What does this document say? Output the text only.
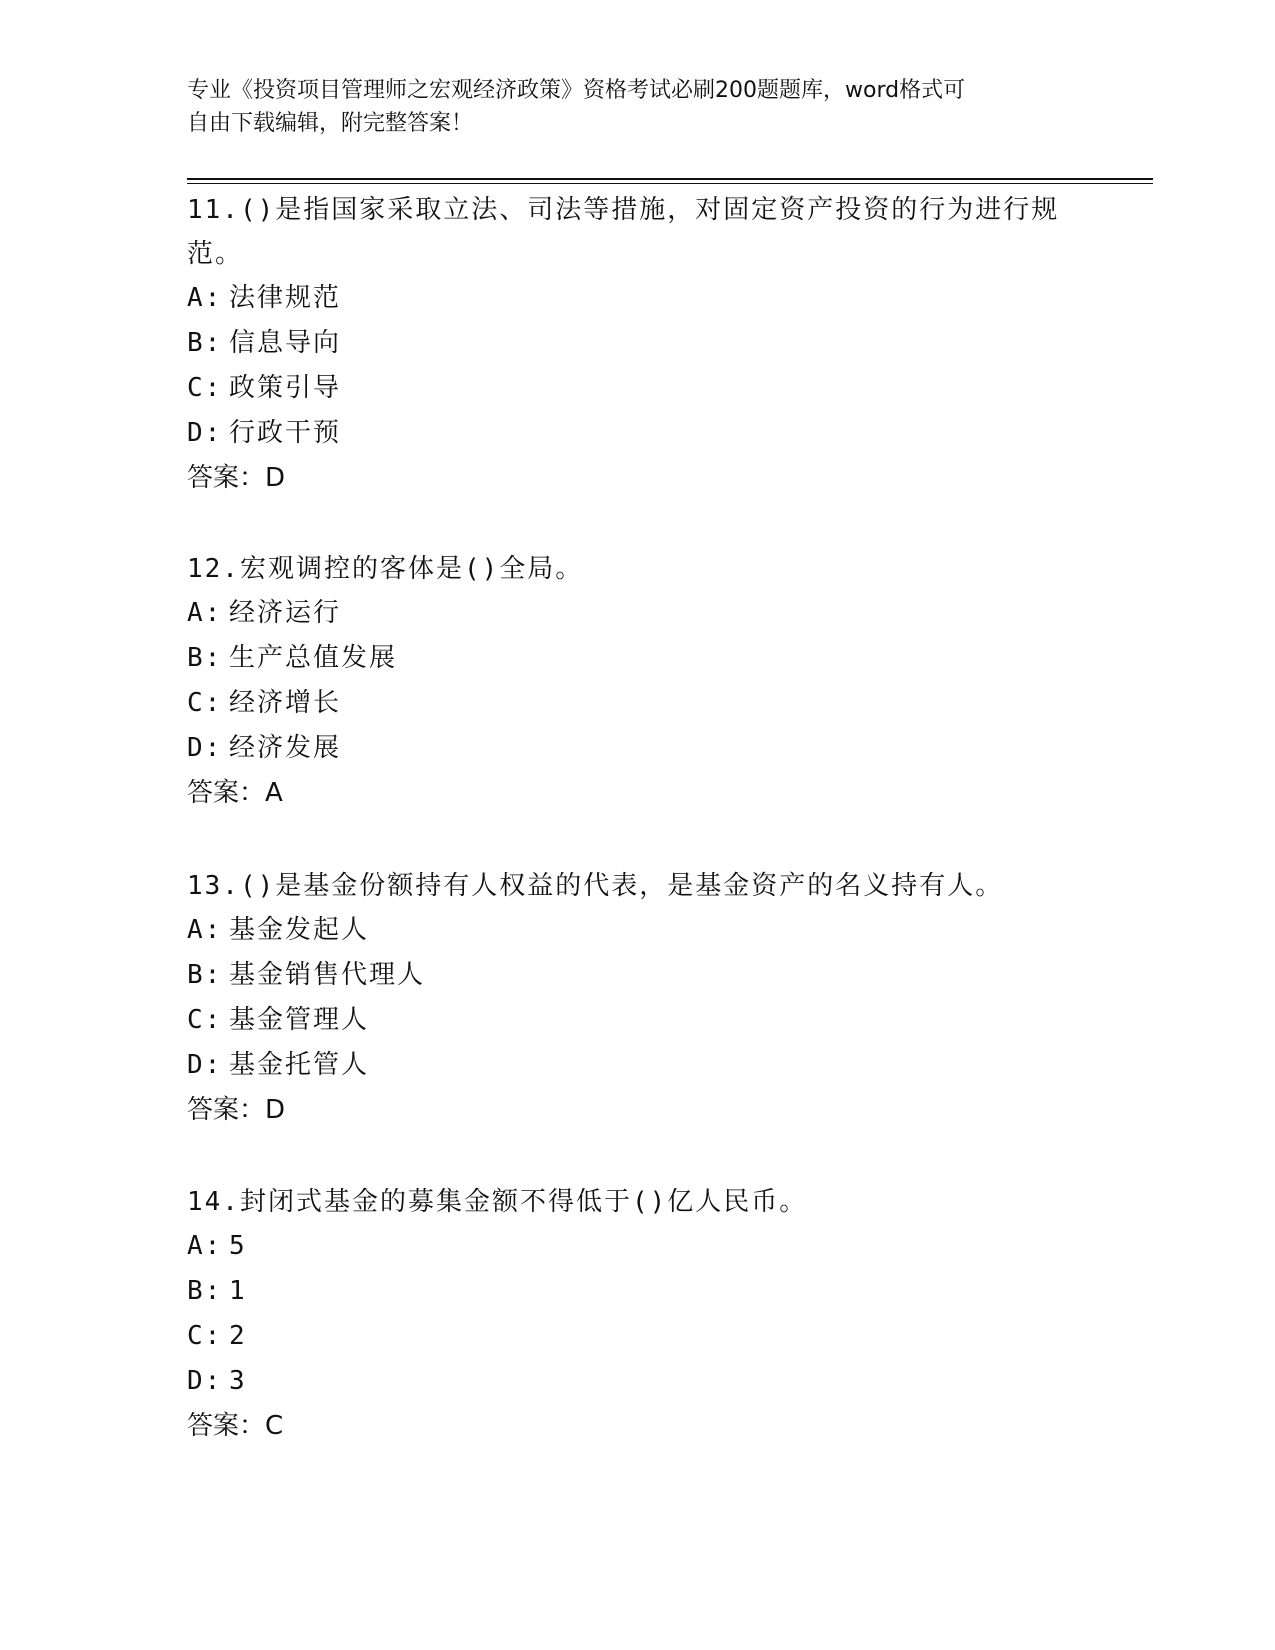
专业《投资项目管理师之宏观经济政策》资格考试必刷200题题库，word格式可
自由下载编辑，附完整答案！

11.()是指国家采取立法、司法等措施，对固定资产投资的行为进行规范。

A: 法律规范
B: 信息导向
C: 政策引导
D: 行政干预

答案：D

12.宏观调控的客体是()全局。

A: 经济运行
B: 生产总值发展
C: 经济增长
D: 经济发展

答案：A

13.()是基金份额持有人权益的代表，是基金资产的名义持有人。

A: 基金发起人
B: 基金销售代理人
C: 基金管理人
D: 基金托管人

答案：D

14.封闭式基金的募集金额不得低于()亿人民币。

A: 5
B: 1
C: 2
D: 3

答案：C
